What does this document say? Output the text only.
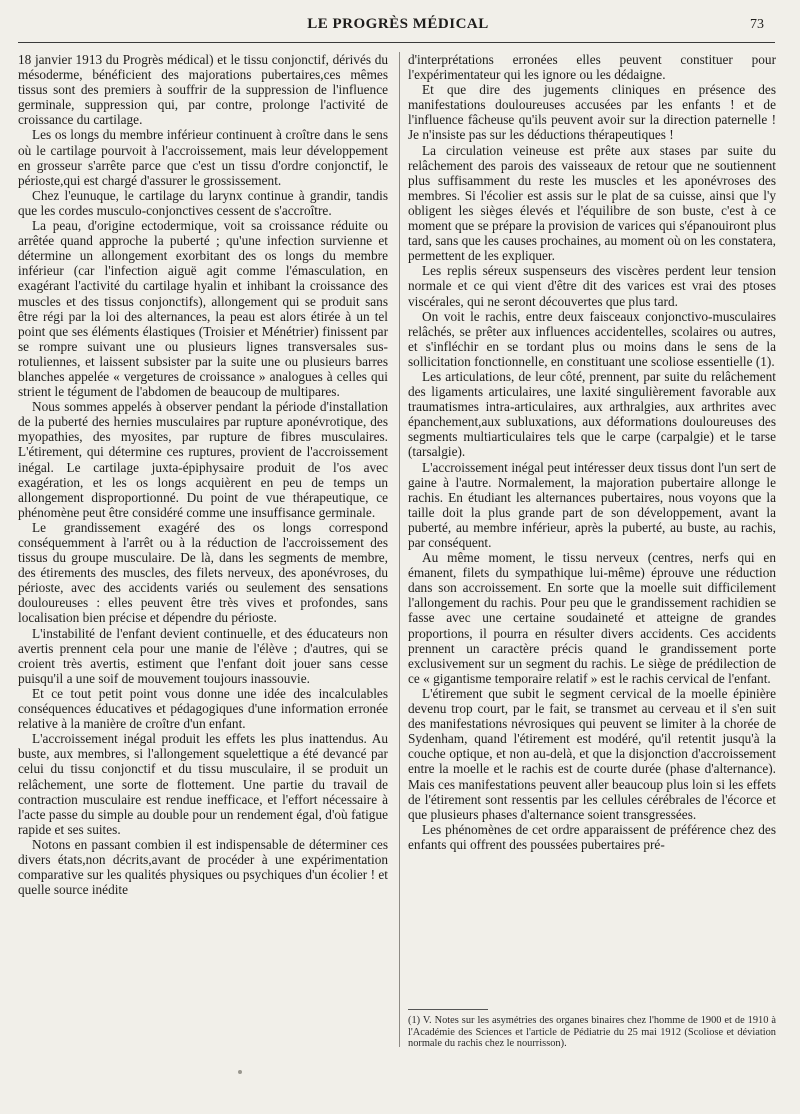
LE PROGRÈS MÉDICAL	73

18 janvier 1913 du Progrès médical) et le tissu conjonctif, dérivés du mésoderme, bénéficient des majorations pubertaires,ces mêmes tissus sont des premiers à souffrir de la suppression de l'influence germinale, suppression qui, par contre, prolonge l'activité de croissance du cartilage.

Les os longs du membre inférieur continuent à croître dans le sens où le cartilage pourvoit à l'accroissement, mais leur développement en grosseur s'arrête parce que c'est un tissu d'ordre conjonctif, le périoste,qui est chargé d'assurer le grossissement.

Chez l'eunuque, le cartilage du larynx continue à grandir, tandis que les cordes musculo-conjonctives cessent de s'accroître.

La peau, d'origine ectodermique, voit sa croissance réduite ou arrêtée quand approche la puberté ; qu'une infection survienne et détermine un allongement exorbitant des os longs du membre inférieur (car l'infection aiguë agit comme l'émasculation, en exagérant l'activité du cartilage hyalin et inhibant la croissance des muscles et des tissus conjonctifs), allongement qui se produit sans être régi par la loi des alternances, la peau est alors étirée à un tel point que ses éléments élastiques (Troisier et Ménétrier) finissent par se rompre suivant une ou plusieurs lignes transversales sus-rotuliennes, et laissent subsister par la suite une ou plusieurs barres blanches appelée « vergetures de croissance » analogues à celles qui strient le tégument de l'abdomen de beaucoup de multipares.

Nous sommes appelés à observer pendant la période d'installation de la puberté des hernies musculaires par rupture aponévrotique, des myopathies, des myosites, par rupture de fibres musculaires. L'étirement, qui détermine ces ruptures, provient de l'accroissement inégal. Le cartilage juxta-épiphysaire produit de l'os avec exagération, et les os longs acquièrent en peu de temps un allongement disproportionné. Du point de vue thérapeutique, ce phénomène peut être considéré comme une insuffisance germinale.

Le grandissement exagéré des os longs correspond conséquemment à l'arrêt ou à la réduction de l'accroissement des tissus du groupe musculaire. De là, dans les segments de membre, des étirements des muscles, des filets nerveux, des aponévroses, du périoste, avec des accidents variés ou seulement des sensations douloureuses : elles peuvent être très vives et profondes, sans localisation bien précise et dépendre du périoste.

L'instabilité de l'enfant devient continuelle, et des éducateurs non avertis prennent cela pour une manie de l'élève ; d'autres, qui se croient très avertis, estiment que l'enfant doit jouer sans cesse puisqu'il a une soif de mouvement toujours inassouvie.

Et ce tout petit point vous donne une idée des incalculables conséquences éducatives et pédagogiques d'une information erronée relative à la manière de croître d'un enfant.

L'accroissement inégal produit les effets les plus inattendus. Au buste, aux membres, si l'allongement squelettique a été devancé par celui du tissu conjonctif et du tissu musculaire, il se produit un relâchement, une sorte de flottement. Une partie du travail de contraction musculaire est rendue inefficace, et l'effort nécessaire à l'acte passe du simple au double pour un rendement égal, d'où fatigue rapide et ses suites.

Notons en passant combien il est indispensable de déterminer ces divers états,non décrits,avant de procéder à une expérimentation comparative sur les qualités physiques ou psychiques d'un écolier ! et quelle source inédite

d'interprétations erronées elles peuvent constituer pour l'expérimentateur qui les ignore ou les dédaigne.

Et que dire des jugements cliniques en présence des manifestations douloureuses accusées par les enfants ! et de l'influence fâcheuse qu'ils peuvent avoir sur la direction paternelle ! Je n'insiste pas sur les déductions thérapeutiques !

La circulation veineuse est prête aux stases par suite du relâchement des parois des vaisseaux de retour que ne soutiennent plus suffisamment du reste les muscles et les aponévroses des membres. Si l'écolier est assis sur le plat de sa cuisse, ainsi que l'y obligent les sièges élevés et l'équilibre de son buste, c'est à ce moment que se prépare la provision de varices qui s'épanouiront plus tard, sans que les causes prochaines, au moment où on les constatera, permettent de les expliquer.

Les replis séreux suspenseurs des viscères perdent leur tension normale et ce qui vient d'être dit des varices est vrai des ptoses viscérales, qui ne seront découvertes que plus tard.

On voit le rachis, entre deux faisceaux conjonctivo-musculaires relâchés, se prêter aux influences accidentelles, scolaires ou autres, et s'infléchir en se tordant plus ou moins dans le sens de la sollicitation fonctionnelle, en constituant une scoliose essentielle (1).

Les articulations, de leur côté, prennent, par suite du relâchement des ligaments articulaires, une laxité singulièrement favorable aux traumatismes intra-articulaires, aux arthralgies, aux arthrites avec épanchement,aux subluxations, aux déformations douloureuses des segments multiarticulaires tels que le carpe (carpalgie) et le tarse (tarsalgie).

L'accroissement inégal peut intéresser deux tissus dont l'un sert de gaine à l'autre. Normalement, la majoration pubertaire allonge le rachis. En étudiant les alternances pubertaires, nous voyons que la taille doit la plus grande part de son développement, avant la puberté, au membre inférieur, après la puberté, au buste, au rachis, par conséquent.

Au même moment, le tissu nerveux (centres, nerfs qui en émanent, filets du sympathique lui-même) éprouve une réduction dans son accroissement. En sorte que la moelle suit difficilement l'allongement du rachis. Pour peu que le grandissement rachidien se fasse avec une certaine soudaineté et atteigne de grandes proportions, il pourra en résulter divers accidents. Ces accidents prennent un caractère précis quand le grandissement porte exclusivement sur un segment du rachis. Le siège de prédilection de ce « gigantisme temporaire relatif » est le rachis cervical de l'enfant.

L'étirement que subit le segment cervical de la moelle épinière devenu trop court, par le fait, se transmet au cerveau et il s'en suit des manifestations névrosiques qui peuvent se limiter à la chorée de Sydenham, quand l'étirement est modéré, qu'il retentit jusqu'à la couche optique, et non au-delà, et que la disjonction d'accroissement entre la moelle et le rachis est de courte durée (phase d'alternance). Mais ces manifestations peuvent aller beaucoup plus loin si les effets de l'étirement sont ressentis par les cellules cérébrales de l'écorce et que plusieurs phases d'alternance soient transgressées.

Les phénomènes de cet ordre apparaissent de préférence chez des enfants qui offrent des poussées pubertaires pré-

(1) V. Notes sur les asymétries des organes binaires chez l'homme de 1900 et de 1910 à l'Académie des Sciences et l'article de Pédiatrie du 25 mai 1912 (Scoliose et déviation normale du rachis chez le nourrisson).
